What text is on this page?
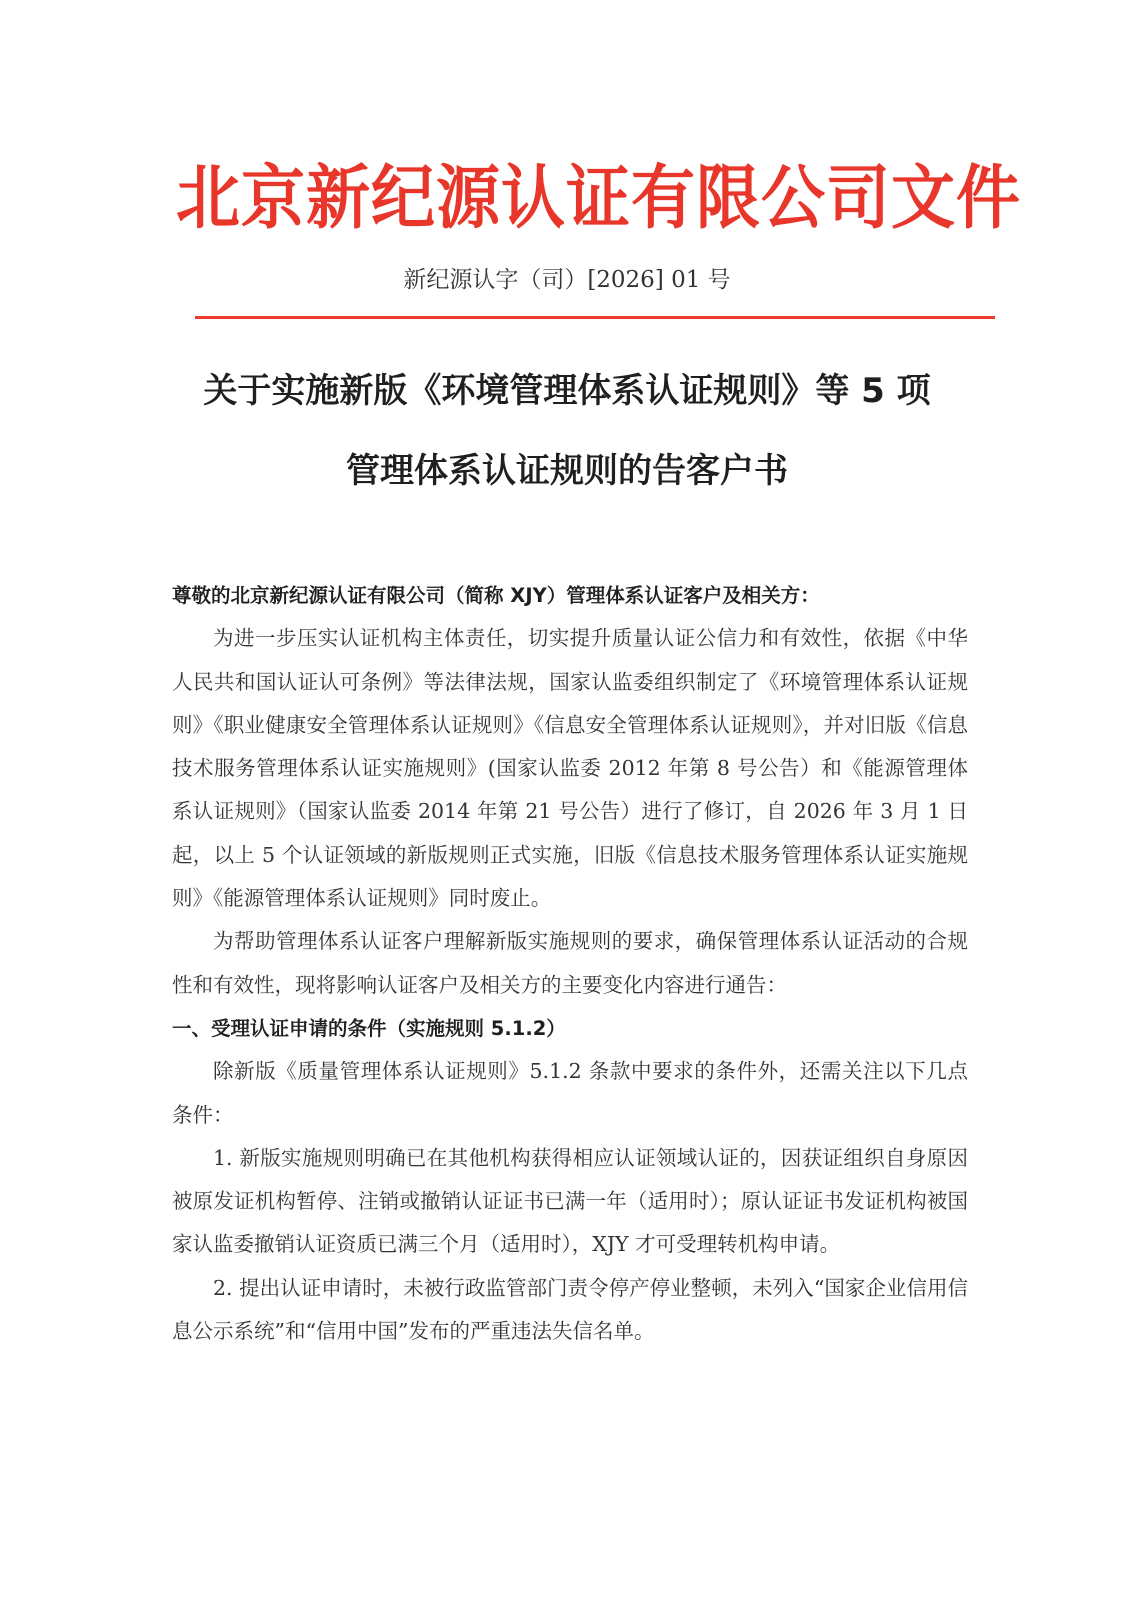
北京新纪源认证有限公司文件
新纪源认字（司）[2026] 01 号
关于实施新版《环境管理体系认证规则》等 5 项
管理体系认证规则的告客户书

尊敬的北京新纪源认证有限公司（简称 XJY）管理体系认证客户及相关方：

为进一步压实认证机构主体责任，切实提升质量认证公信力和有效性，依据《中华人民共和国认证认可条例》等法律法规，国家认监委组织制定了《环境管理体系认证规则》《职业健康安全管理体系认证规则》《信息安全管理体系认证规则》，并对旧版《信息技术服务管理体系认证实施规则》(国家认监委 2012 年第 8 号公告）和《能源管理体系认证规则》（国家认监委 2014 年第 21 号公告）进行了修订，自 2026 年 3 月 1 日起，以上 5 个认证领域的新版规则正式实施，旧版《信息技术服务管理体系认证实施规则》《能源管理体系认证规则》同时废止。

为帮助管理体系认证客户理解新版实施规则的要求，确保管理体系认证活动的合规性和有效性，现将影响认证客户及相关方的主要变化内容进行通告：

一、受理认证申请的条件（实施规则 5.1.2）

除新版《质量管理体系认证规则》5.1.2 条款中要求的条件外，还需关注以下几点条件：

1. 新版实施规则明确已在其他机构获得相应认证领域认证的，因获证组织自身原因被原发证机构暂停、注销或撤销认证证书已满一年（适用时）；原认证证书发证机构被国家认监委撤销认证资质已满三个月（适用时），XJY 才可受理转机构申请。

2. 提出认证申请时，未被行政监管部门责令停产停业整顿，未列入“国家企业信用信息公示系统”和“信用中国”发布的严重违法失信名单。
